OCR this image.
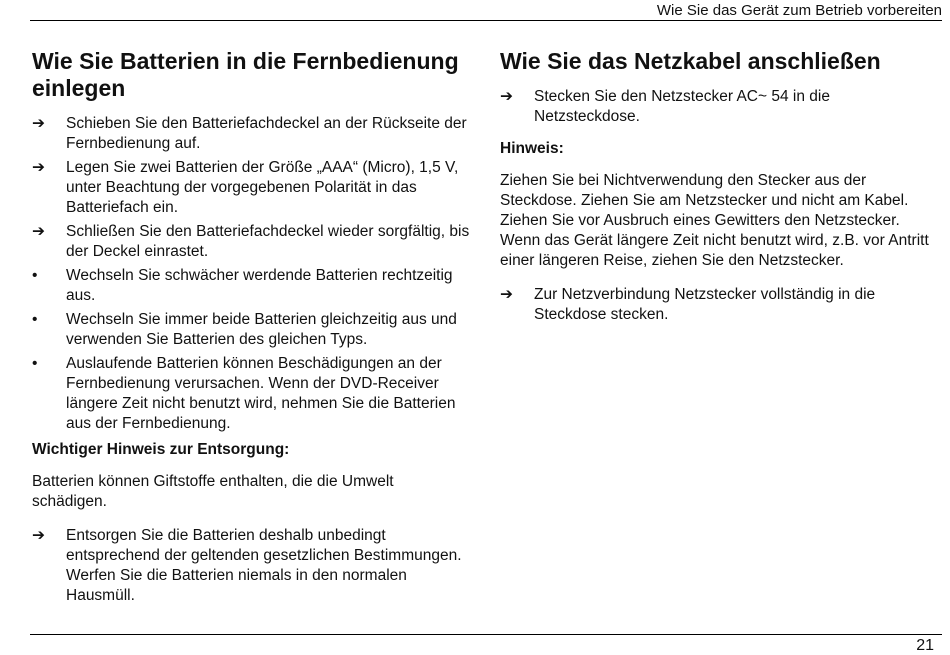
Wie Sie das Gerät zum Betrieb vorbereiten
Wie Sie Batterien in die Fernbedienung einlegen
➔	Schieben Sie den Batteriefachdeckel an der Rückseite der Fernbedienung auf.
➔	Legen Sie zwei Batterien der Größe „AAA“ (Micro), 1,5 V, unter Beachtung der vorgegebenen Polarität in das Batteriefach ein.
➔	Schließen Sie den Batteriefachdeckel wieder sorgfältig, bis der Deckel einrastet.
•	Wechseln Sie schwächer werdende Batterien rechtzeitig aus.
•	Wechseln Sie immer beide Batterien gleichzeitig aus und verwenden Sie Batterien des gleichen Typs.
•	Auslaufende Batterien können Beschädigungen an der Fernbedienung verursachen. Wenn der DVD-Receiver längere Zeit nicht benutzt wird, nehmen Sie die Batterien aus der Fernbedienung.

Wichtiger Hinweis zur Entsorgung:

Batterien können Giftstoffe enthalten, die die Umwelt schädigen.

➔	Entsorgen Sie die Batterien deshalb unbedingt entsprechend der geltenden gesetzlichen Bestimmungen. Werfen Sie die Batterien niemals in den normalen Hausmüll.
Wie Sie das Netzkabel anschließen
➔	Stecken Sie den Netzstecker AC~ 54 in die Netzsteckdose.

Hinweis:

Ziehen Sie bei Nichtverwendung den Stecker aus der Steckdose. Ziehen Sie am Netzstecker und nicht am Kabel. Ziehen Sie vor Ausbruch eines Gewitters den Netzstecker. Wenn das Gerät längere Zeit nicht benutzt wird, z.B. vor Antritt einer längeren Reise, ziehen Sie den Netzstecker.

➔	Zur Netzverbindung Netzstecker vollständig in die Steckdose stecken.
21
